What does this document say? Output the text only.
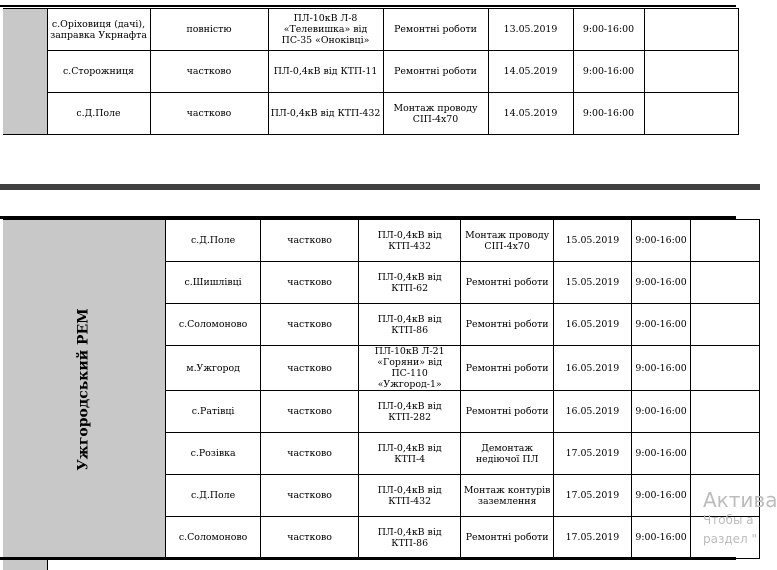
	с.Оріховиця (дачі), заправка Укрнафта	повністю	ПЛ-10кВ Л-8 «Телевишка» від ПС-35 «Оноківці»	Ремонтні роботи	13.05.2019	9:00-16:00	
	с.Сторожниця	частково	ПЛ-0,4кВ від КТП-11	Ремонтні роботи	14.05.2019	9:00-16:00	
	с.Д.Поле	частково	ПЛ-0,4кВ від КТП-432	Монтаж проводу СІП-4х70	14.05.2019	9:00-16:00	
Ужгородський РЕМ	с.Д.Поле	частково	ПЛ-0,4кВ від КТП-432	Монтаж проводу СІП-4х70	15.05.2019	9:00-16:00	
	с.Шишлівці	частково	ПЛ-0,4кВ від КТП-62	Ремонтні роботи	15.05.2019	9:00-16:00	
	с.Соломоново	частково	ПЛ-0,4кВ від КТП-86	Ремонтні роботи	16.05.2019	9:00-16:00	
	м.Ужгород	частково	ПЛ-10кВ Л-21 «Горяни» від ПС-110 «Ужгород-1»	Ремонтні роботи	16.05.2019	9:00-16:00	
	с.Ратівці	частково	ПЛ-0,4кВ від КТП-282	Ремонтні роботи	16.05.2019	9:00-16:00	
	с.Розівка	частково	ПЛ-0,4кВ від КТП-4	Демонтаж недіючої ПЛ	17.05.2019	9:00-16:00	
	с.Д.Поле	частково	ПЛ-0,4кВ від КТП-432	Монтаж контурів заземлення	17.05.2019	9:00-16:00	
	с.Соломоново	частково	ПЛ-0,4кВ від КТП-86	Ремонтні роботи	17.05.2019	9:00-16:00	
Актива
Чтобы а
раздел "
